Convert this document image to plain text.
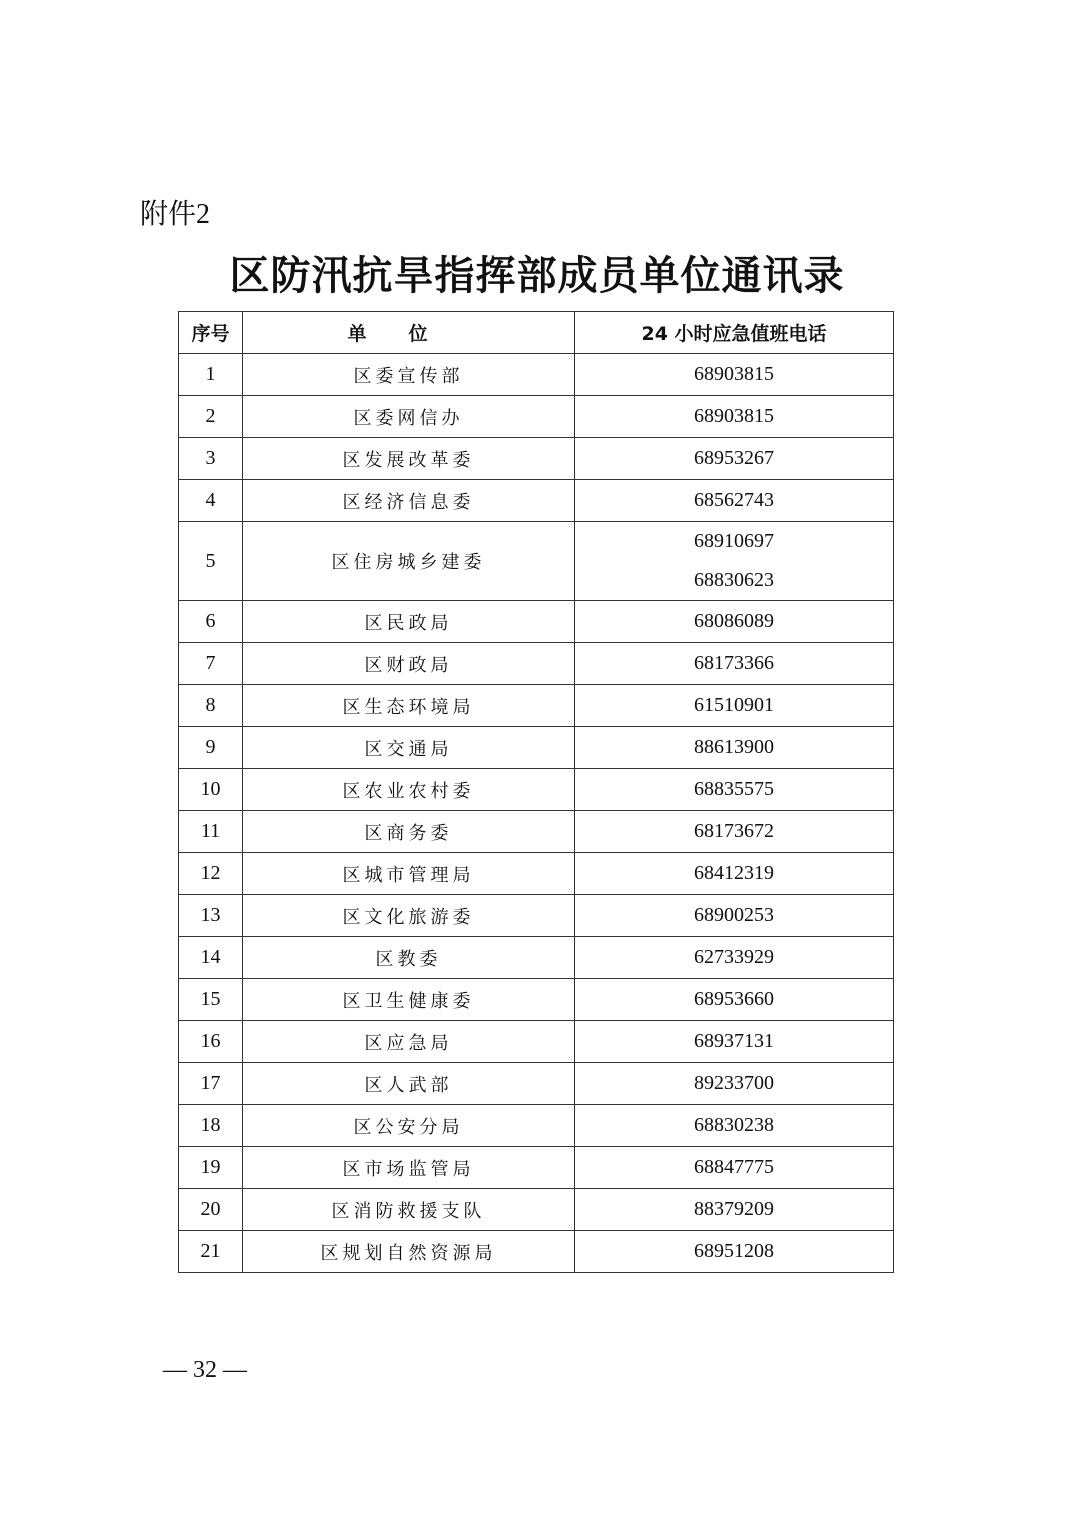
附件2
区防汛抗旱指挥部成员单位通讯录
序号	单位	24 小时应急值班电话
1	区委宣传部	68903815

2	区委网信办	68903815

3	区发展改革委	68953267

4	区经济信息委	68562743

5	区住房城乡建委	68910697
68830623

6	区民政局	68086089

7	区财政局	68173366

8	区生态环境局	61510901

9	区交通局	88613900

10	区农业农村委	68835575

11	区商务委	68173672

12	区城市管理局	68412319

13	区文化旅游委	68900253

14	区教委	62733929

15	区卫生健康委	68953660

16	区应急局	68937131

17	区人武部	89233700

18	区公安分局	68830238

19	区市场监管局	68847775

20	区消防救援支队	88379209

21	区规划自然资源局	68951208
— 32 —
